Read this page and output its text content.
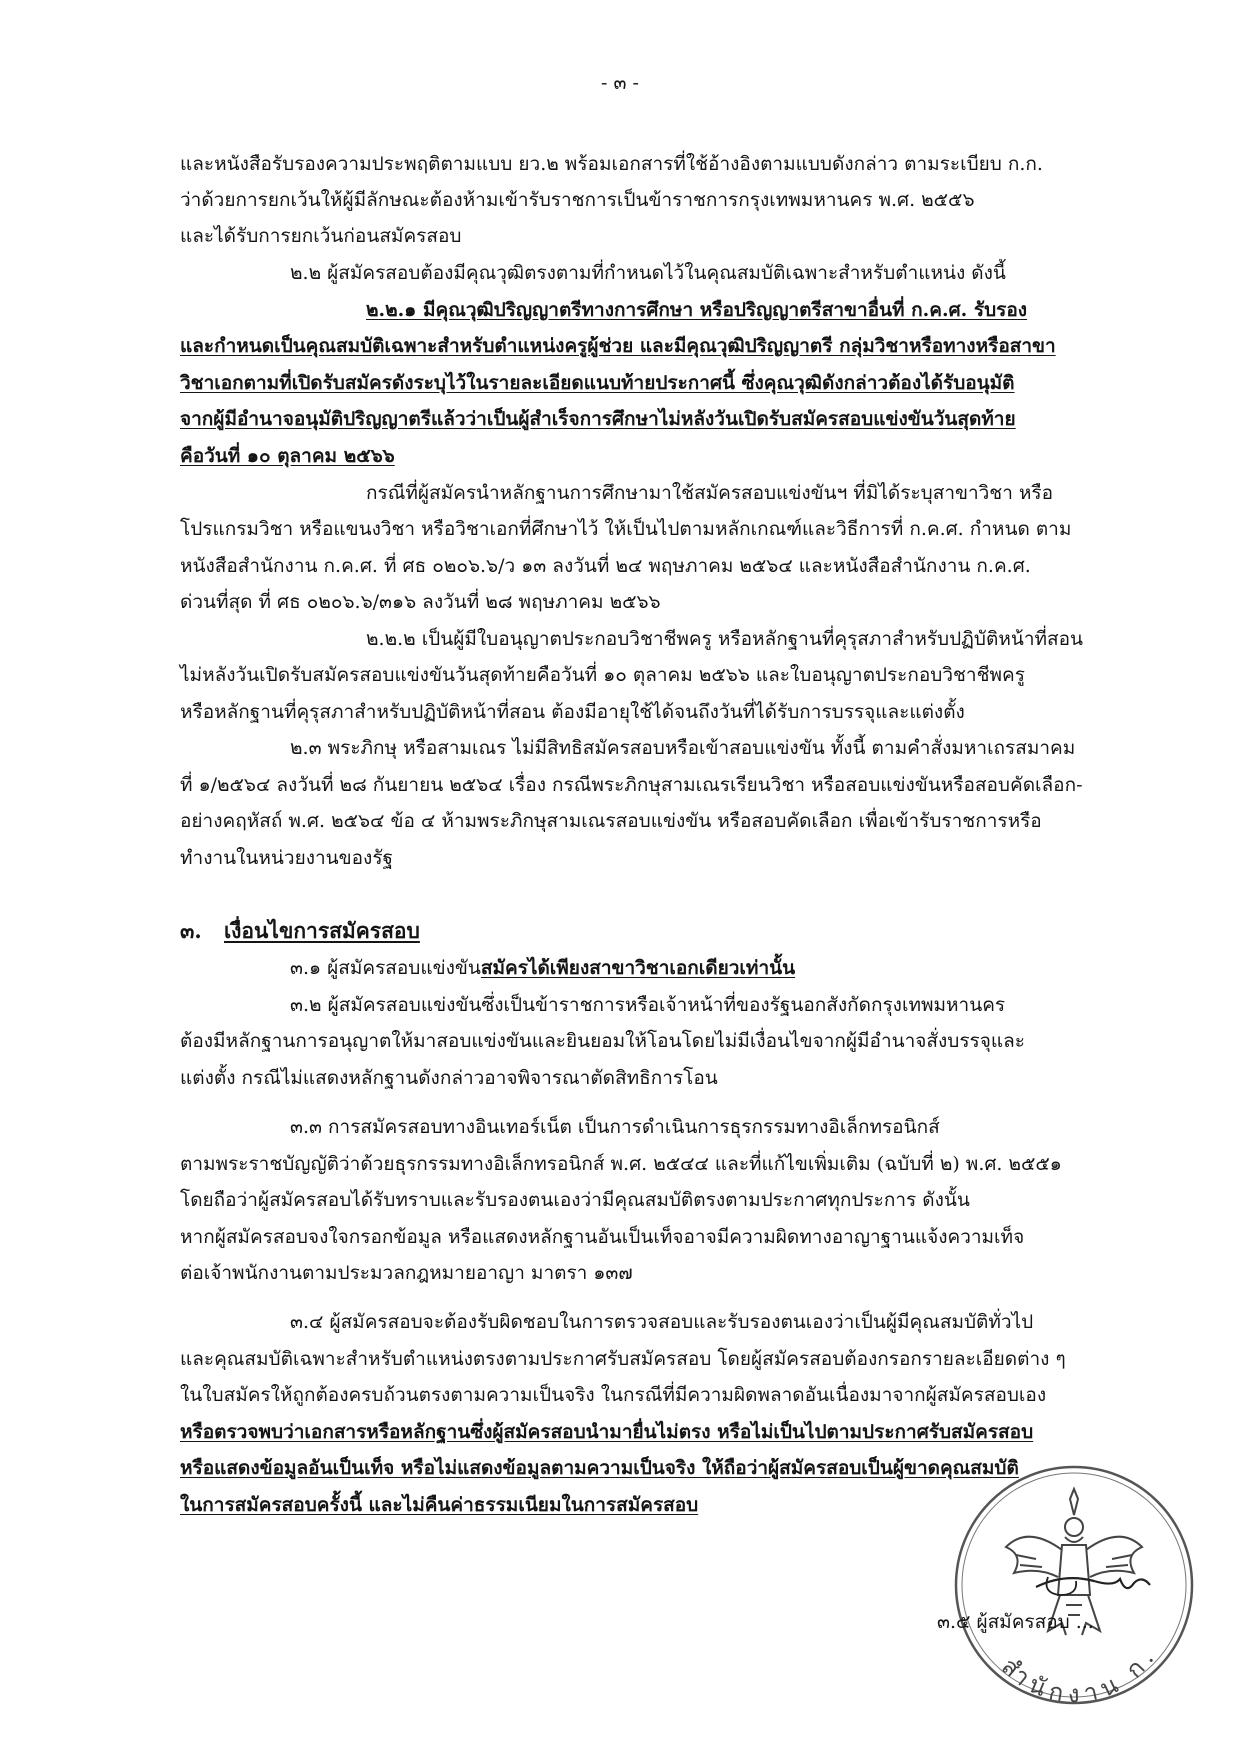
- ๓ -
และหนังสือรับรองความประพฤติตามแบบ ยว.๒ พร้อมเอกสารที่ใช้อ้างอิงตามแบบดังกล่าว ตามระเบียบ ก.ก.
ว่าด้วยการยกเว้นให้ผู้มีลักษณะต้องห้ามเข้ารับราชการเป็นข้าราชการกรุงเทพมหานคร พ.ศ. ๒๕๕๖
และได้รับการยกเว้นก่อนสมัครสอบ
๒.๒ ผู้สมัครสอบต้องมีคุณวุฒิตรงตามที่กำหนดไว้ในคุณสมบัติเฉพาะสำหรับตำแหน่ง ดังนี้
๒.๒.๑ มีคุณวุฒิปริญญาตรีทางการศึกษา หรือปริญญาตรีสาขาอื่นที่ ก.ค.ศ. รับรอง
และกำหนดเป็นคุณสมบัติเฉพาะสำหรับตำแหน่งครูผู้ช่วย และมีคุณวุฒิปริญญาตรี กลุ่มวิชาหรือทางหรือสาขา
วิชาเอกตามที่เปิดรับสมัครดังระบุไว้ในรายละเอียดแนบท้ายประกาศนี้ ซึ่งคุณวุฒิดังกล่าวต้องได้รับอนุมัติ
จากผู้มีอำนาจอนุมัติปริญญาตรีแล้วว่าเป็นผู้สำเร็จการศึกษาไม่หลังวันเปิดรับสมัครสอบแข่งขันวันสุดท้าย
คือวันที่ ๑๐ ตุลาคม ๒๕๖๖
กรณีที่ผู้สมัครนำหลักฐานการศึกษามาใช้สมัครสอบแข่งขันฯ ที่มิได้ระบุสาขาวิชา หรือ
โปรแกรมวิชา หรือแขนงวิชา หรือวิชาเอกที่ศึกษาไว้ ให้เป็นไปตามหลักเกณฑ์และวิธีการที่ ก.ค.ศ. กำหนด ตาม
หนังสือสำนักงาน ก.ค.ศ. ที่ ศธ ๐๒๐๖.๖/ว ๑๓ ลงวันที่ ๒๔ พฤษภาคม ๒๕๖๔ และหนังสือสำนักงาน ก.ค.ศ.
ด่วนที่สุด ที่ ศธ ๐๒๐๖.๖/๓๑๖ ลงวันที่ ๒๘ พฤษภาคม ๒๕๖๖
๒.๒.๒ เป็นผู้มีใบอนุญาตประกอบวิชาชีพครู หรือหลักฐานที่คุรุสภาสำหรับปฏิบัติหน้าที่สอน
ไม่หลังวันเปิดรับสมัครสอบแข่งขันวันสุดท้ายคือวันที่ ๑๐ ตุลาคม ๒๕๖๖ และใบอนุญาตประกอบวิชาชีพครู
หรือหลักฐานที่คุรุสภาสำหรับปฏิบัติหน้าที่สอน ต้องมีอายุใช้ได้จนถึงวันที่ได้รับการบรรจุและแต่งตั้ง
๒.๓ พระภิกษุ หรือสามเณร ไม่มีสิทธิสมัครสอบหรือเข้าสอบแข่งขัน ทั้งนี้ ตามคำสั่งมหาเถรสมาคม
ที่ ๑/๒๕๖๔ ลงวันที่ ๒๘ กันยายน ๒๕๖๔ เรื่อง กรณีพระภิกษุสามเณรเรียนวิชา หรือสอบแข่งขันหรือสอบคัดเลือก-
อย่างคฤหัสถ์ พ.ศ. ๒๕๖๔ ข้อ ๔ ห้ามพระภิกษุสามเณรสอบแข่งขัน หรือสอบคัดเลือก เพื่อเข้ารับราชการหรือ
ทำงานในหน่วยงานของรัฐ
๓. เงื่อนไขการสมัครสอบ
๓.๑ ผู้สมัครสอบแข่งขันสมัครได้เพียงสาขาวิชาเอกเดียวเท่านั้น
๓.๒ ผู้สมัครสอบแข่งขันซึ่งเป็นข้าราชการหรือเจ้าหน้าที่ของรัฐนอกสังกัดกรุงเทพมหานคร
ต้องมีหลักฐานการอนุญาตให้มาสอบแข่งขันและยินยอมให้โอนโดยไม่มีเงื่อนไขจากผู้มีอำนาจสั่งบรรจุและ
แต่งตั้ง กรณีไม่แสดงหลักฐานดังกล่าวอาจพิจารณาตัดสิทธิการโอน
๓.๓ การสมัครสอบทางอินเทอร์เน็ต เป็นการดำเนินการธุรกรรมทางอิเล็กทรอนิกส์
ตามพระราชบัญญัติว่าด้วยธุรกรรมทางอิเล็กทรอนิกส์ พ.ศ. ๒๕๔๔ และที่แก้ไขเพิ่มเติม (ฉบับที่ ๒) พ.ศ. ๒๕๕๑
โดยถือว่าผู้สมัครสอบได้รับทราบและรับรองตนเองว่ามีคุณสมบัติตรงตามประกาศทุกประการ ดังนั้น
หากผู้สมัครสอบจงใจกรอกข้อมูล หรือแสดงหลักฐานอันเป็นเท็จอาจมีความผิดทางอาญาฐานแจ้งความเท็จ
ต่อเจ้าพนักงานตามประมวลกฎหมายอาญา มาตรา ๑๓๗
๓.๔ ผู้สมัครสอบจะต้องรับผิดชอบในการตรวจสอบและรับรองตนเองว่าเป็นผู้มีคุณสมบัติทั่วไป
และคุณสมบัติเฉพาะสำหรับตำแหน่งตรงตามประกาศรับสมัครสอบ โดยผู้สมัครสอบต้องกรอกรายละเอียดต่าง ๆ
ในใบสมัครให้ถูกต้องครบถ้วนตรงตามความเป็นจริง ในกรณีที่มีความผิดพลาดอันเนื่องมาจากผู้สมัครสอบเอง
หรือตรวจพบว่าเอกสารหรือหลักฐานซึ่งผู้สมัครสอบนำมายื่นไม่ตรง หรือไม่เป็นไปตามประกาศรับสมัครสอบ
หรือแสดงข้อมูลอันเป็นเท็จ หรือไม่แสดงข้อมูลตามความเป็นจริง ให้ถือว่าผู้สมัครสอบเป็นผู้ขาดคุณสมบัติ
ในการสมัครสอบครั้งนี้ และไม่คืนค่าธรรมเนียมในการสมัครสอบ
สำนักงาน ก.
๓.๕ ผู้สมัครสอบ ...
